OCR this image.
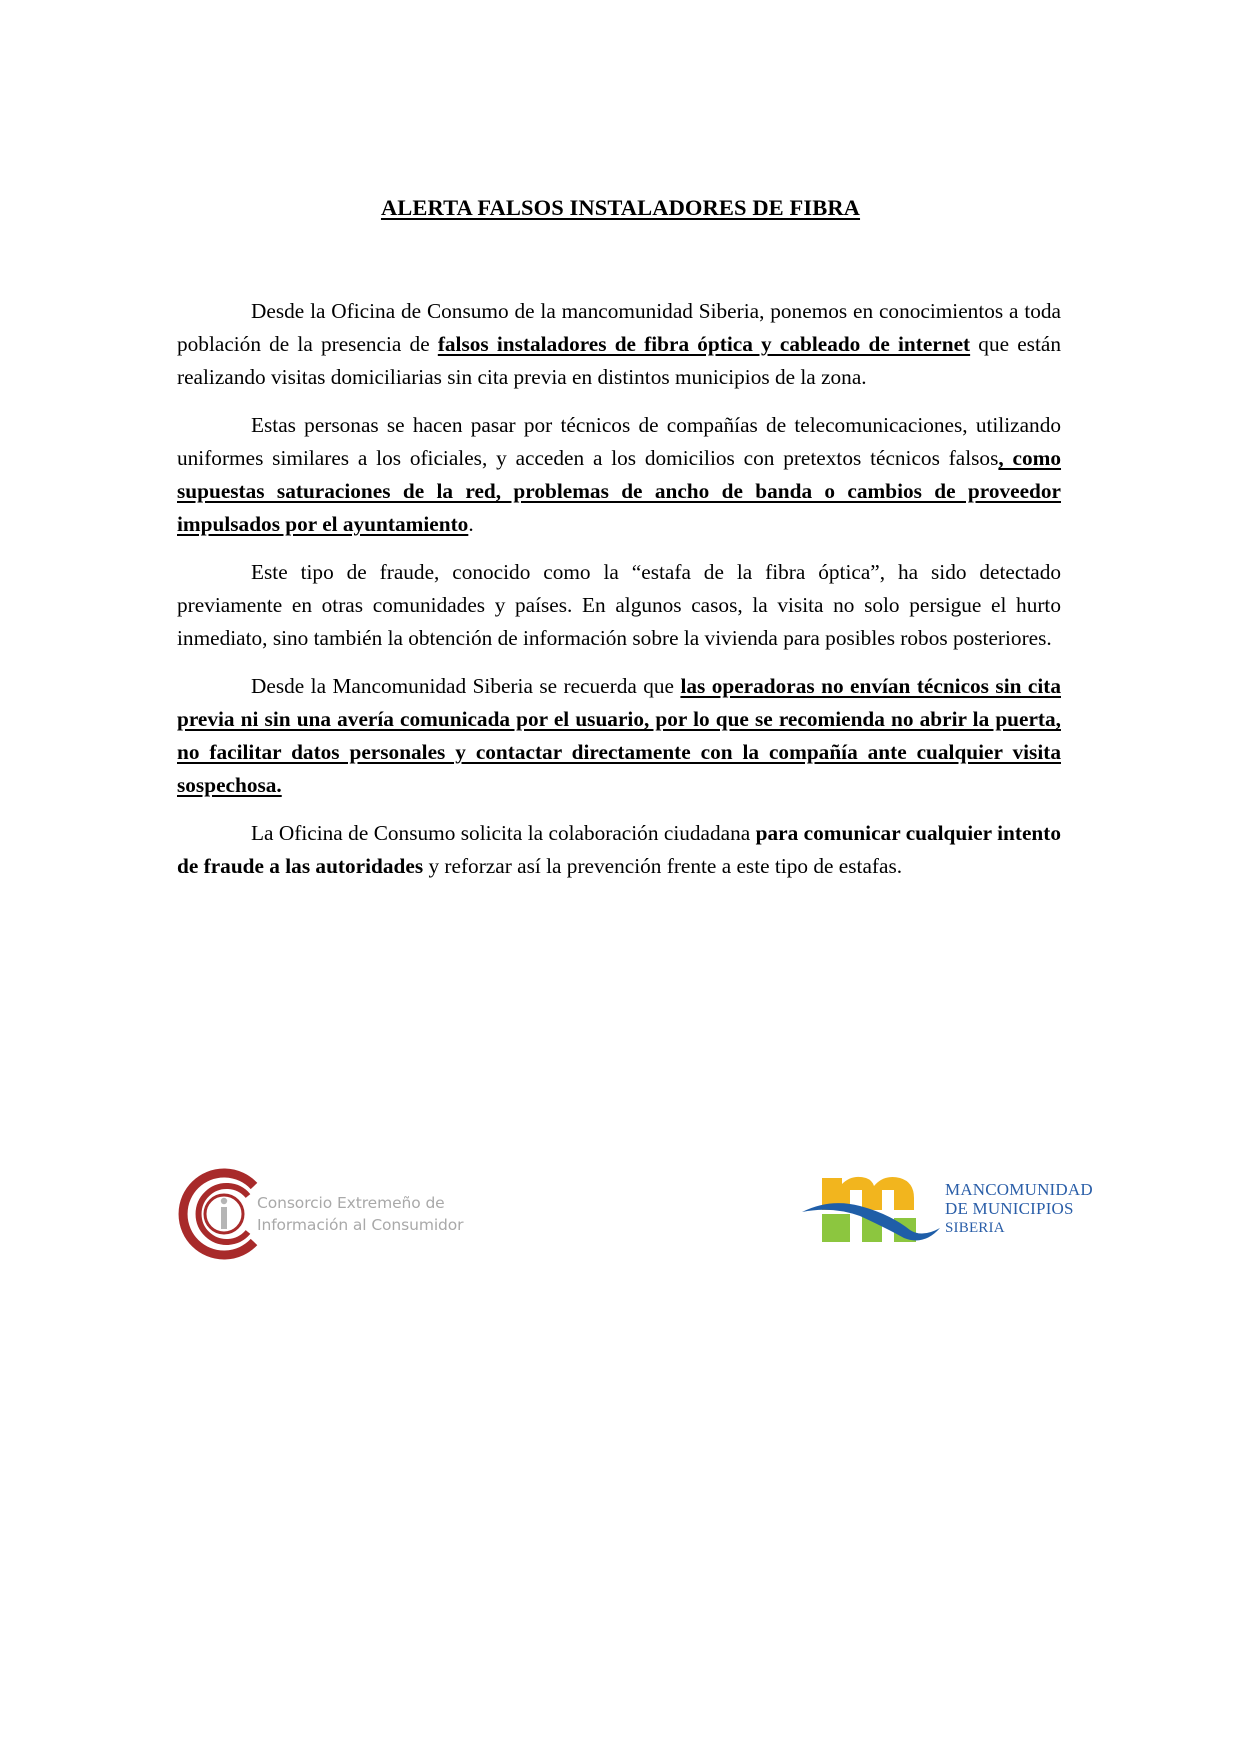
ALERTA FALSOS INSTALADORES DE FIBRA

Desde la Oficina de Consumo de la mancomunidad Siberia, ponemos en conocimientos a toda población de la presencia de falsos instaladores de fibra óptica y cableado de internet que están realizando visitas domiciliarias sin cita previa en distintos municipios de la zona.

Estas personas se hacen pasar por técnicos de compañías de telecomunicaciones, utilizando uniformes similares a los oficiales, y acceden a los domicilios con pretextos técnicos falsos, como supuestas saturaciones de la red, problemas de ancho de banda o cambios de proveedor impulsados por el ayuntamiento.

Este tipo de fraude, conocido como la “estafa de la fibra óptica”, ha sido detectado previamente en otras comunidades y países. En algunos casos, la visita no solo persigue el hurto inmediato, sino también la obtención de información sobre la vivienda para posibles robos posteriores.

Desde la Mancomunidad Siberia se recuerda que las operadoras no envían técnicos sin cita previa ni sin una avería comunicada por el usuario, por lo que se recomienda no abrir la puerta, no facilitar datos personales y contactar directamente con la compañía ante cualquier visita sospechosa.

La Oficina de Consumo solicita la colaboración ciudadana para comunicar cualquier intento de fraude a las autoridades y reforzar así la prevención frente a este tipo de estafas.

Consorcio Extremeño de
Información al Consumidor
MANCOMUNIDAD
DE MUNICIPIOS
SIBERIA
